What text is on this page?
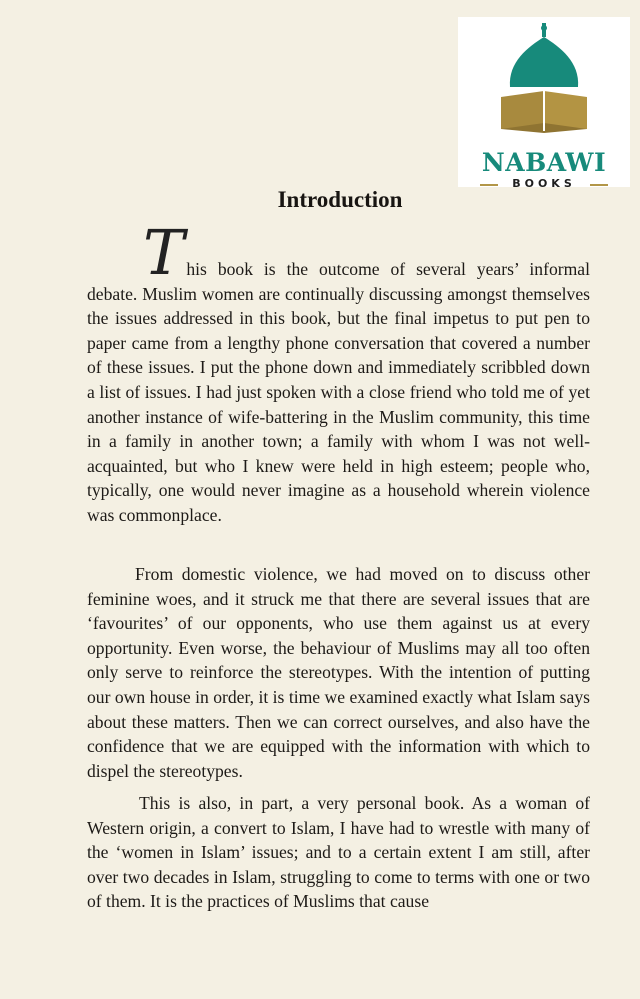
NABAWI
BOOKS
Introduction

This book is the outcome of several years’ informal debate. Muslim women are continually discussing amongst themselves the issues addressed in this book, but the final impetus to put pen to paper came from a lengthy phone conversation that covered a number of these issues. I put the phone down and immediately scribbled down a list of issues. I had just spoken with a close friend who told me of yet another instance of wife-battering in the Muslim community, this time in a family in another town; a family with whom I was not well-acquainted, but who I knew were held in high esteem; people who, typically, one would never imagine as a household wherein violence was commonplace.

From domestic violence, we had moved on to discuss other feminine woes, and it struck me that there are several issues that are ‘favourites’ of our opponents, who use them against us at every opportunity. Even worse, the behaviour of Muslims may all too often only serve to reinforce the stereotypes. With the intention of putting our own house in order, it is time we examined exactly what Islam says about these matters. Then we can correct ourselves, and also have the confidence that we are equipped with the information with which to dispel the stereotypes.

This is also, in part, a very personal book. As a woman of Western origin, a convert to Islam, I have had to wrestle with many of the ‘women in Islam’ issues; and to a certain extent I am still, after over two decades in Islam, struggling to come to terms with one or two of them. It is the practices of Muslims that cause
